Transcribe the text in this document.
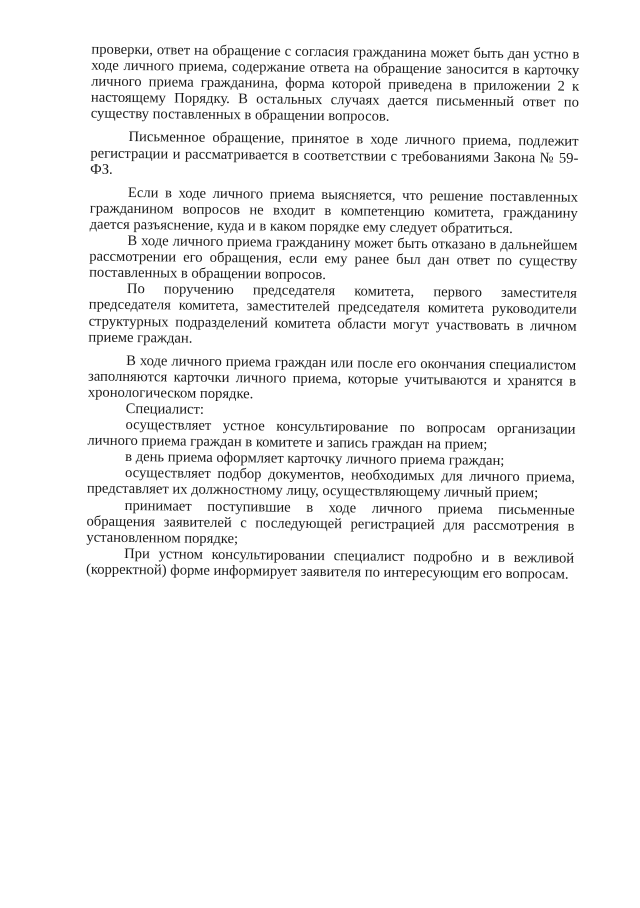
проверки, ответ на обращение с согласия гражданина может быть дан устно в ходе личного приема, содержание ответа на обращение заносится в карточку личного приема гражданина, форма которой приведена в приложении 2 к настоящему Порядку. В остальных случаях дается письменный ответ по существу поставленных в обращении вопросов.

Письменное обращение, принятое в ходе личного приема, подлежит регистрации и рассматривается в соответствии с требованиями Закона № 59-ФЗ.

Если в ходе личного приема выясняется, что решение поставленных гражданином вопросов не входит в компетенцию комитета, гражданину дается разъяснение, куда и в каком порядке ему следует обратиться.

В ходе личного приема гражданину может быть отказано в дальнейшем рассмотрении его обращения, если ему ранее был дан ответ по существу поставленных в обращении вопросов.

По поручению председателя комитета, первого заместителя председателя комитета, заместителей председателя комитета руководители структурных подразделений комитета области могут участвовать в личном приеме граждан.

В ходе личного приема граждан или после его окончания специалистом заполняются карточки личного приема, которые учитываются и хранятся в хронологическом порядке.

Специалист:

осуществляет устное консультирование по вопросам организации личного приема граждан в комитете и запись граждан на прием;

в день приема оформляет карточку личного приема граждан;

осуществляет подбор документов, необходимых для личного приема, представляет их должностному лицу, осуществляющему личный прием;

принимает поступившие в ходе личного приема письменные обращения заявителей с последующей регистрацией для рассмотрения в установленном порядке;

При устном консультировании специалист подробно и в вежливой (корректной) форме информирует заявителя по интересующим его вопросам.
